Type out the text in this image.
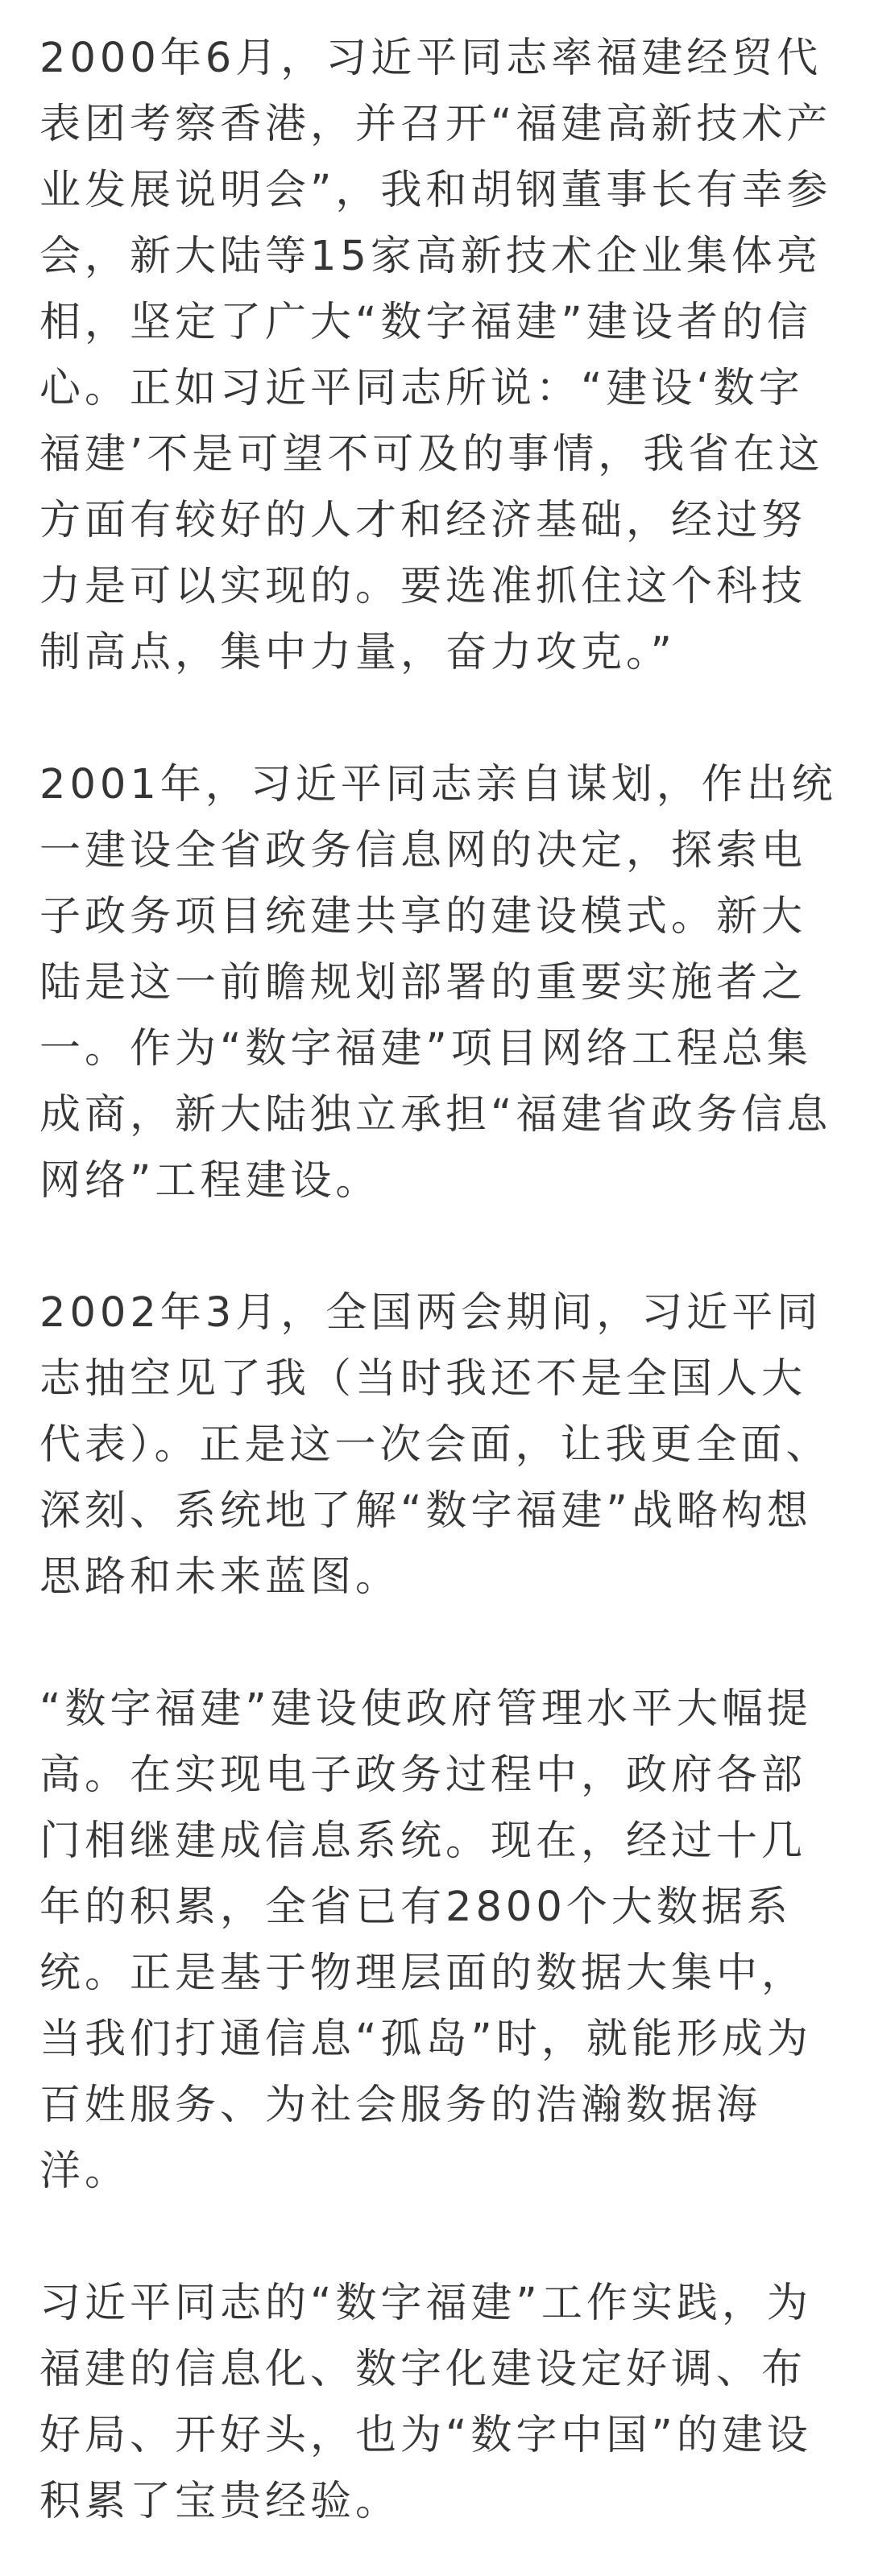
2000年6月，习近平同志率福建经贸代表团考察香港，并召开“福建高新技术产业发展说明会”，我和胡钢董事长有幸参会，新大陆等15家高新技术企业集体亮相，坚定了广大“数字福建”建设者的信心。正如习近平同志所说：“建设‘数字福建’不是可望不可及的事情，我省在这方面有较好的人才和经济基础，经过努力是可以实现的。要选准抓住这个科技制高点，集中力量，奋力攻克。”

2001年，习近平同志亲自谋划，作出统一建设全省政务信息网的决定，探索电子政务项目统建共享的建设模式。新大陆是这一前瞻规划部署的重要实施者之一。作为“数字福建”项目网络工程总集成商，新大陆独立承担“福建省政务信息网络”工程建设。

2002年3月，全国两会期间，习近平同志抽空见了我（当时我还不是全国人大代表）。正是这一次会面，让我更全面、深刻、系统地了解“数字福建”战略构想思路和未来蓝图。

“数字福建”建设使政府管理水平大幅提高。在实现电子政务过程中，政府各部门相继建成信息系统。现在，经过十几年的积累，全省已有2800个大数据系统。正是基于物理层面的数据大集中，当我们打通信息“孤岛”时，就能形成为百姓服务、为社会服务的浩瀚数据海洋。

习近平同志的“数字福建”工作实践，为福建的信息化、数字化建设定好调、布好局、开好头，也为“数字中国”的建设积累了宝贵经验。
